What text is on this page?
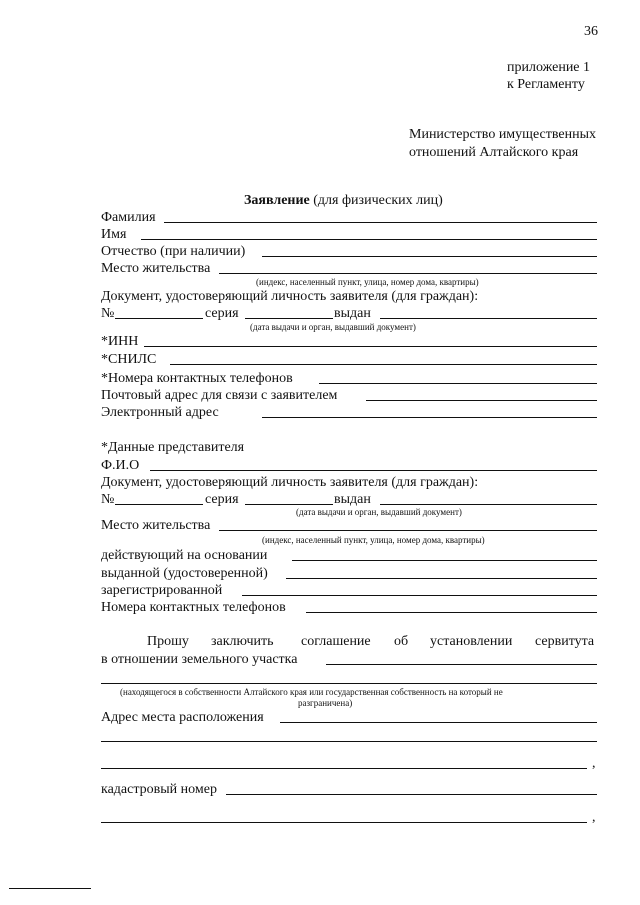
36
приложение 1
к Регламенту
Министерство имущественных
отношений Алтайского края
Заявление (для физических лиц)
Фамилия
Имя
Отчество (при наличии)
Место жительства
(индекс, населенный пункт, улица, номер дома, квартиры)
Документ, удостоверяющий личность заявителя (для граждан):
№	серия	выдан
(дата выдачи и орган, выдавший документ)
*ИНН
*СНИЛС
*Номера контактных телефонов
Почтовый адрес для связи с заявителем
Электронный адрес
*Данные представителя
Ф.И.О
Документ, удостоверяющий личность заявителя (для граждан):
№	серия	выдан
(дата выдачи и орган, выдавший документ)
Место жительства
(индекс, населенный пункт, улица, номер дома, квартиры)
действующий на основании
выданной (удостоверенной)
зарегистрированной
Номера контактных телефонов
Прошу заключить соглашение об установлении сервитута
в отношении земельного участка
(находящегося в собственности Алтайского края или государственная собственность на который не
разграничена)
Адрес места расположения
,
кадастровый номер
,
